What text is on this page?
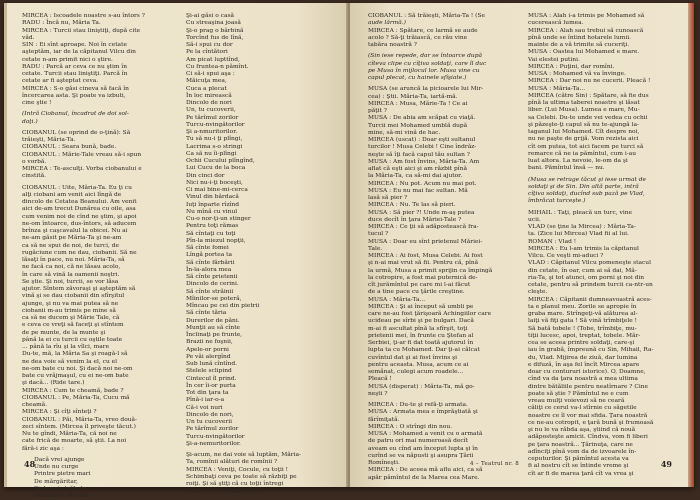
MIRCEA : Iscoadele noastre s-au întors ?
RADU : Încă nu, Măria Ta.
MIRCEA : Turcii stau liniştiţi, după cite
văd.
SIN : Ei sînt aproape. Noi în cetate
aşteptăm, iar de la căpitanul Vilcu din
cetate n-am primit nici o ştire.
RADU : Parcă ar ceva ce nu ştim în
cetate. Turcii stau liniştiţi. Parcă în
cetate ar fi aşteptat ceva.
MIRCEA : S-o găsi cineva să facă în
încercarea asta. Şi poate va izbuti,
cine ştie !
(Intră Ciobanul, încadrat de doi sol-
daţi.)
CIOBANUL (se oprind de o-ţină): Să
trăieşti, Măria-Ta.
CIOBANUL : Seara bună, bade.
CIOBANUL : Mărie-Tale vreau să-i spun
o vorbă.
MIRCEA : Te-asculţi. Vorba ciobanului e
cinstită.
CIOBANUL : Uite, Măria-Ta. Eu ţi cu
alţi ciobani am venit aici lîngă de
dincolo de Cetatea Beanului. Am venit
aici de-am trecut Dunărea cu oile, asa
cum venim noi de cînd ne ştim, şi apoi
ne-om întoarce, dus-întors, să aducem
brînza şi caşcavalul la obicei. Nu ai
ne-am găsit pe Măria-Ta şi ne-am
ca să ne spui de noi, de turci, de
rugăciune cum ne dau, ciobanii. Să ne
lăsaţi în pace, nu noi. Măria-Ta, să
ne facă ca noi, că ne lăsau acolo,
în care să vină la oamenii noştri.
Se ştie. Şi noi, turcii, se vor lăsa
ajutor. Sîntem zăvoraşi şi aşteptăm să
vină şi se dau ciobanii din sfîrşitul
ajunge, şi nu va mai putea să ne
ciobanii m-au trimis pe mine să
ca să ne ducem şi Mărie Tale, că
e ceva ce vreţi să faceţi şi stîntem
de pe munte, de la munte şi
până la ei cu turcii cu oştile toate
... până la rîu şi la vîlci, mare
Du-te, mă, la Măria Sa şi roagă-l să
ne dea voie să venim la el, cu el
ne-om bate cu noi. Şi dacă noi ne-om
bate cu vrăjmaşul, cu ei ne-om bate
şi dacă... (Ride tare.)
MIRCEA : Cum te cheamă, bade ?
CIOBANUL : Pe, Măria-Ta, Cucu mă
cheamă.
MIRCEA : Şi cîţi sînteţi ?
CIOBANUL : Păi, Măria-Ta, vreo două-
zeci sîntem. (Mircea îl priveşte tăcut.)
Nu te gîndi, Măria-Ta, că noi ne
cate frică de moarte, să ştii. La noi
fără-i zic aşa :
Dacă vrei ajunge
Unde nu curge
Printre pietre mari
De mărgăritar,
Şi de vei străbate
Doauăzeci de sate
Şi-ai găsi o casă
Cu streaşina joasă
Şi-o prag o bărbină
Torcînd fus de lînă,
Să-i spui cu dor
Pe la cîntători
Am picat lupttînd,
Cu fruntea-n pămînt.
Ci să-i spui aşa :
Măicuţa mea,
Cuca a plecat
În loc mirească
Dincolo de nori
Un, tu cucoverii,
Pe tărîmul zorilor
Turcu-nvingătorilor
Şi a-nmuritorilor.
Tu să nu-i ţi plîngi,
Lacrima s-o stringi
Ca să nu îi-plîngi
Ochii Cucului plîngînd,
Lui Cucu de la boca
Din cinci dor
Nici nu-i-ţi boceşti,
Ci mai bine-mi-cerca
Vinul din bărdacă
Iuţi înparte rîzînd
Nu mînă cu vinul
Cu-o nor-ţi-un stinger
Pentru toţi rămas
Să cîntaţi cu toţi
Pîn-la miezul nopţii,
Să cînte fomei
Lîngă portea ta
Să cînte fărbării
În-la-alora mea
Să cînte prietenii
Dincolo de cerini.
Să cînte străinii
Mîinilor-se poteră,
Mîncau pe cei din pietrii
Să cînte tăria
Durerilor de păni.
Munţii au să cînte
Înclinaţi pe frunte,
Brazii ne foşnii,
Apele-or porni
Pe văi alergînd
Sub lună cîntînd.
Stelele sclipind
Cintecul îl prind.
În cer îi-or purta
Tot din ţara ta
Pînă-i iar-o-a
Că-i voi nuri
Dincolo de nori,
Un tu cucoverii
Pe tărîmul zorilor
Turcu-nvingătorilor
Şi-a-nemuritorilor.
Şi-acum, ne dai voie să luptăm, Măria-
Ta, romînii alături de romînii ?
MIRCEA : Veniţi, Cocule, cu toţii !
Schimbaţi ceva pe toate să răzbiţi pe
roiţi. Şi să ştiţi că cu toţii întregi
după ce-om cîştiga bătălia.
48
CIOBANUL : Să trăieşti, Măria-Ta ! (Se
aude lărmă.)
MIRCEA : Spătare, ce larmă se aude
acolo ? Să-ţi trăiască, ce rău vine
tabăra noastră ?
(Sin iese repede, dar se întoarce după
cîteva clipe cu cîţiva soldaţi, care îl duc
pe Musa în mijlocul lor. Musa vine cu
capul plecat, cu hainele sfîşiate.)
MUSA (se aruncă la picioarele lui Mir-
cea) : Ştii. Măria-Ta, iartă-mă.
MIRCEA : Musa, Mărie-Ta ! Ce ai
păţit ?
MUSA : De abia am scăpat cu viaţă.
Turcii mei Mohamed umblă după
mine, să-mi vină de hac.
MIRCEA (uscat) : Doar eşti sultanul
turcilor ! Musa Celebi ! Cine îndrăz-
neşte să îţi facă capul tău sultan ?
MUSA : Am fost învins, Măria-Ta. Am
aflat că eşti aici şi am răzbit pînă
la Măria-Ta, ca să-mi dai ajutor.
MIRCEA : Nu pot. Acum nu mai pot.
MUSA : Eu nu mai fac sultan. Mă
lasă să pier ?
MIRCEA : Nu. Te las să pieri.
MUSA : Să pier ?! Unde m-aş putea
duce decît în ţara Măriei-Tale ?
MIRCEA : Ce ţii să adăpostească fra-
tucul ?
MUSA : Doar eu sînt prietenul Măriei-
Tale.
MIRCEA : Ai fost, Musa Celebi. Ai fost
şi n-ai mai vrut să fii. Pentru că, pînă
la urmă, Musa a primit sprijin ca împingă
la cotropire, a fost mai puternică de-
cît jurămîntul pe care mi l-ai făcut
de a tine pace cu ţările creştine.
MUSA : Măria-Ta...
MIRCEA : Şi ai început să umbli pe
care ne-au fost ţărişoară Achingiilor care
ucideau pe sîrbi şi pe bulgari. Dacă
m-ai fi ascultat pînă la sfîrşit, toţi
prietenii mei, în frunte cu Ştefan al
Serbiei, ţi-ar fi dat toată ajutorul în
lupta ta cu Mohamed. Dar ţi-ai călcat
cuvîntul dat şi ai fost învins şi
pentru aceasta. Musa, acum ce ai
semănat, culegi acum roadele...
Pleacă !
MUSA (disperat) : Măria-Ta, mă go-
neşti ?
MIRCEA : Du-te şi refă-ţi armata.
MUSA : Armata mea e împrăştiată şi
fărîmiţată.
MIRCEA : O strîngi din nou.
MUSA : Mohamed a venit cu o armată
de patru ori mai numeroasă decît
aveam eu cînd am început lupta şi în
curînd se va năpusti şi asupra Ţării
Romîneşti.
MIRCEA : De aceea mă aflu aici, ca să
apăr pămîntul de la Marea cea Mare.
MUSA : Alah i-a trimis pe Mohamed să
cucerească lumea.
MIRCEA : Alah sau trebui să cunoască
pînă unde se întind hotarele lumii.
mainte de a vă trimite să cuceriţi.
MUSA : Oastea lui Mohamed e mare.
Vai elestei putini.
MIRCEA : Puţini, dar romîni.
MUSA : Mohamed vă va învinge.
MIRCEA : Dar noi nu ne cucerii. Pleacă !
MUSA : Măria-Ta...
MIRCEA (către Sin) : Spătare, să fie dus
pînă la ultima taberei noastre şi lăsat
liber. (Lui Musa). Lumea e mare, Mu-
sa Celebi. Du-te unde vei vedea cu ochii
şi păzeşte-ţi capul să nu te-ajungă la-
taganul lui Mohamed. Cît despre noi,
nu ne paşte de grijă. Vom rezista aici
cît om putea, tot aici facem pe turci să
remarce că ne ia pămîntul, cum i-au
luat altora. La nevoie, le-om da şi
bani. Pămîntul însă — nu.
(Musa se retrage tăcut şi iese urmat de
soldaţi şi de Sin. Din altă parte, intră
cîţiva soldaţi, ducînd sub pază pe Vlad,
îmbrăcat turceşte.)
MIHAIL : Taţi, pleacă un turc, vine
ucii.
VLAD (se ţine la Mircea) : Măria-Ta-
ta. (Zice lui Mircea) Vlad fii al lui.
ROMAN : Vlad !
MIRCEA : Eu l-am trimis la căpitanul
Vilcu. Ce veşti mi-aduci ?
VLAD : Căpitanul Vilcu pomeneşte stacul
din cetate, în oar, cum ai să dai, Mă-
ria-Ta, şi tot atunci, om porni şi noi din
cetate, pentru să prindem turcii ca-ntr-un
cleşte.
MIRCEA : Căpitanii dumneavoastră aces-
ta e planul meu. Zorile se apropie în
graba mare. Strîngeţi-vă alăturea al-
laiţi vă fiţi gata ! Să vină trîmbiţele !
Să bată tobele ! (Tobe, trîmbiţe, mu-
tiţii lucesc, apoi, treptat, tobele. Măr-
cea se aceea printre soldaţi, care-şi
iau în grabă, împreună cu Sin, Mihail, Ra-
du, Vlad. Mijirea de ziuă, dar lumina
e difuză, în aşa fel încît Mircea apare
doar cu contururi istorice). O, Doamne,
cînd va da ţara noastră a mea ultima
dintre bătăliile pentru neatîrnare ? Cine
poate să ştie ? Pămîntul ne e cum
vreau mulţi voievozi să ne ceară
căliţi ce cerul va-l stîrnie cu săgetile
noastre ce îl vor mai sfida. Ţara noastră
ce ne-au cotropit, e ţară bună şi frumoasă
şi nu le va răbda aşa, ştiind că nouă
adăposteşte amicii. Cîndva, vom fi liberi
pe ţara noastră... Ţărinuţa, care ne
adînciţi pînă vom da de izvoarele în-
ceputurilor. Şi pămîntul acesta va
fi al nostru cît se întinde vreme şi
cît ar fi de marea ţară cît va vrea şi
4 – Teatrul nr. 8	49
